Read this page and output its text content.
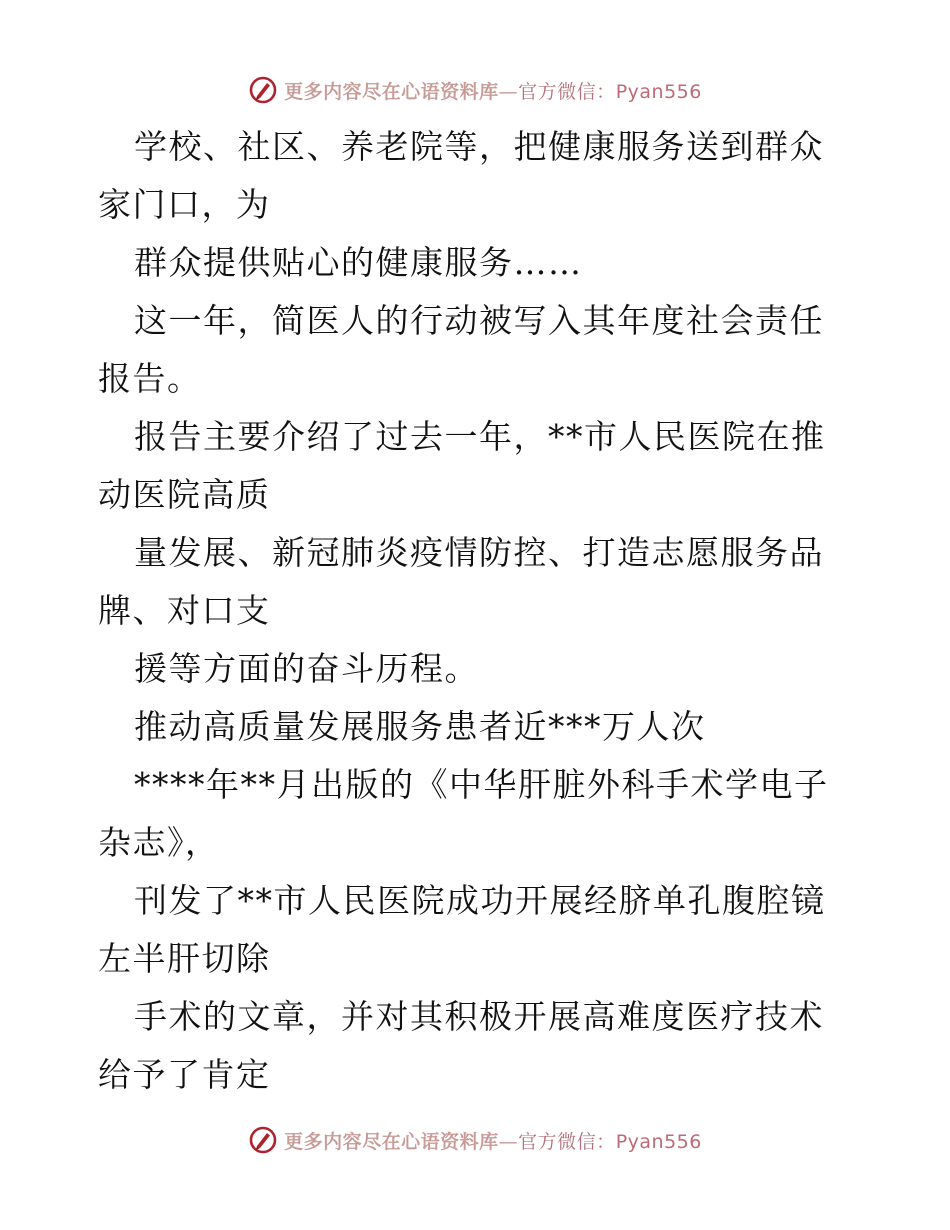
更多内容尽在心语资料库—官方微信：Pyan556

学校、社区、养老院等，把健康服务送到群众家门口，为

群众提供贴心的健康服务……

这一年，简医人的行动被写入其年度社会责任报告。

报告主要介绍了过去一年，**市人民医院在推动医院高质

量发展、新冠肺炎疫情防控、打造志愿服务品牌、对口支

援等方面的奋斗历程。

推动高质量发展服务患者近***万人次

****年**月出版的《中华肝脏外科手术学电子杂志》，

刊发了**市人民医院成功开展经脐单孔腹腔镜左半肝切除

手术的文章，并对其积极开展高难度医疗技术给予了肯定

更多内容尽在心语资料库—官方微信：Pyan556
